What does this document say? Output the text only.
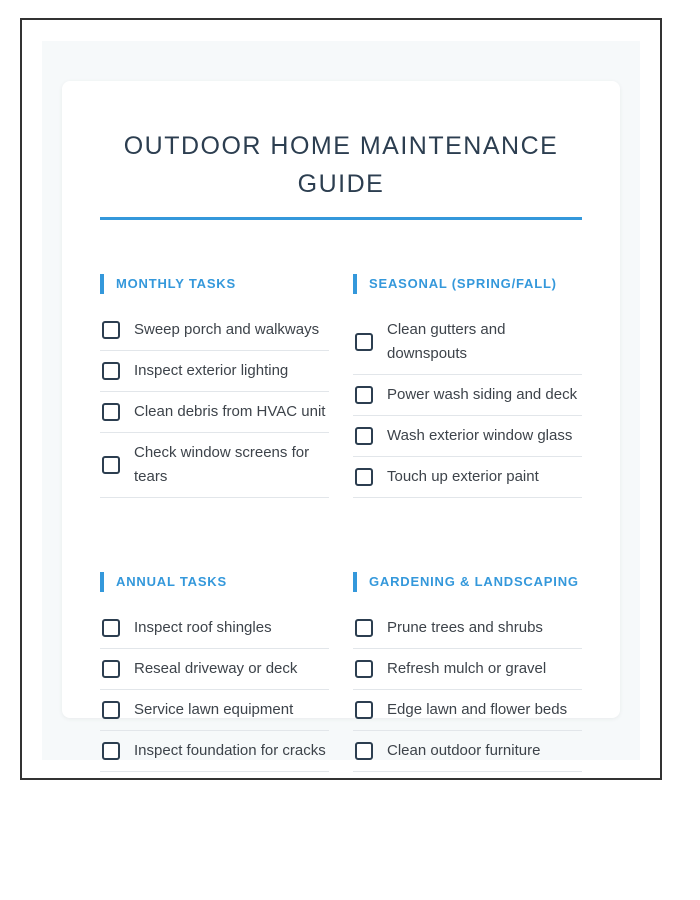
OUTDOOR HOME MAINTENANCE GUIDE
MONTHLY TASKS
Sweep porch and walkways
Inspect exterior lighting
Clean debris from HVAC unit
Check window screens for tears
SEASONAL (SPRING/FALL)
Clean gutters and downspouts
Power wash siding and deck
Wash exterior window glass
Touch up exterior paint
ANNUAL TASKS
Inspect roof shingles
Reseal driveway or deck
Service lawn equipment
Inspect foundation for cracks
GARDENING & LANDSCAPING
Prune trees and shrubs
Refresh mulch or gravel
Edge lawn and flower beds
Clean outdoor furniture
